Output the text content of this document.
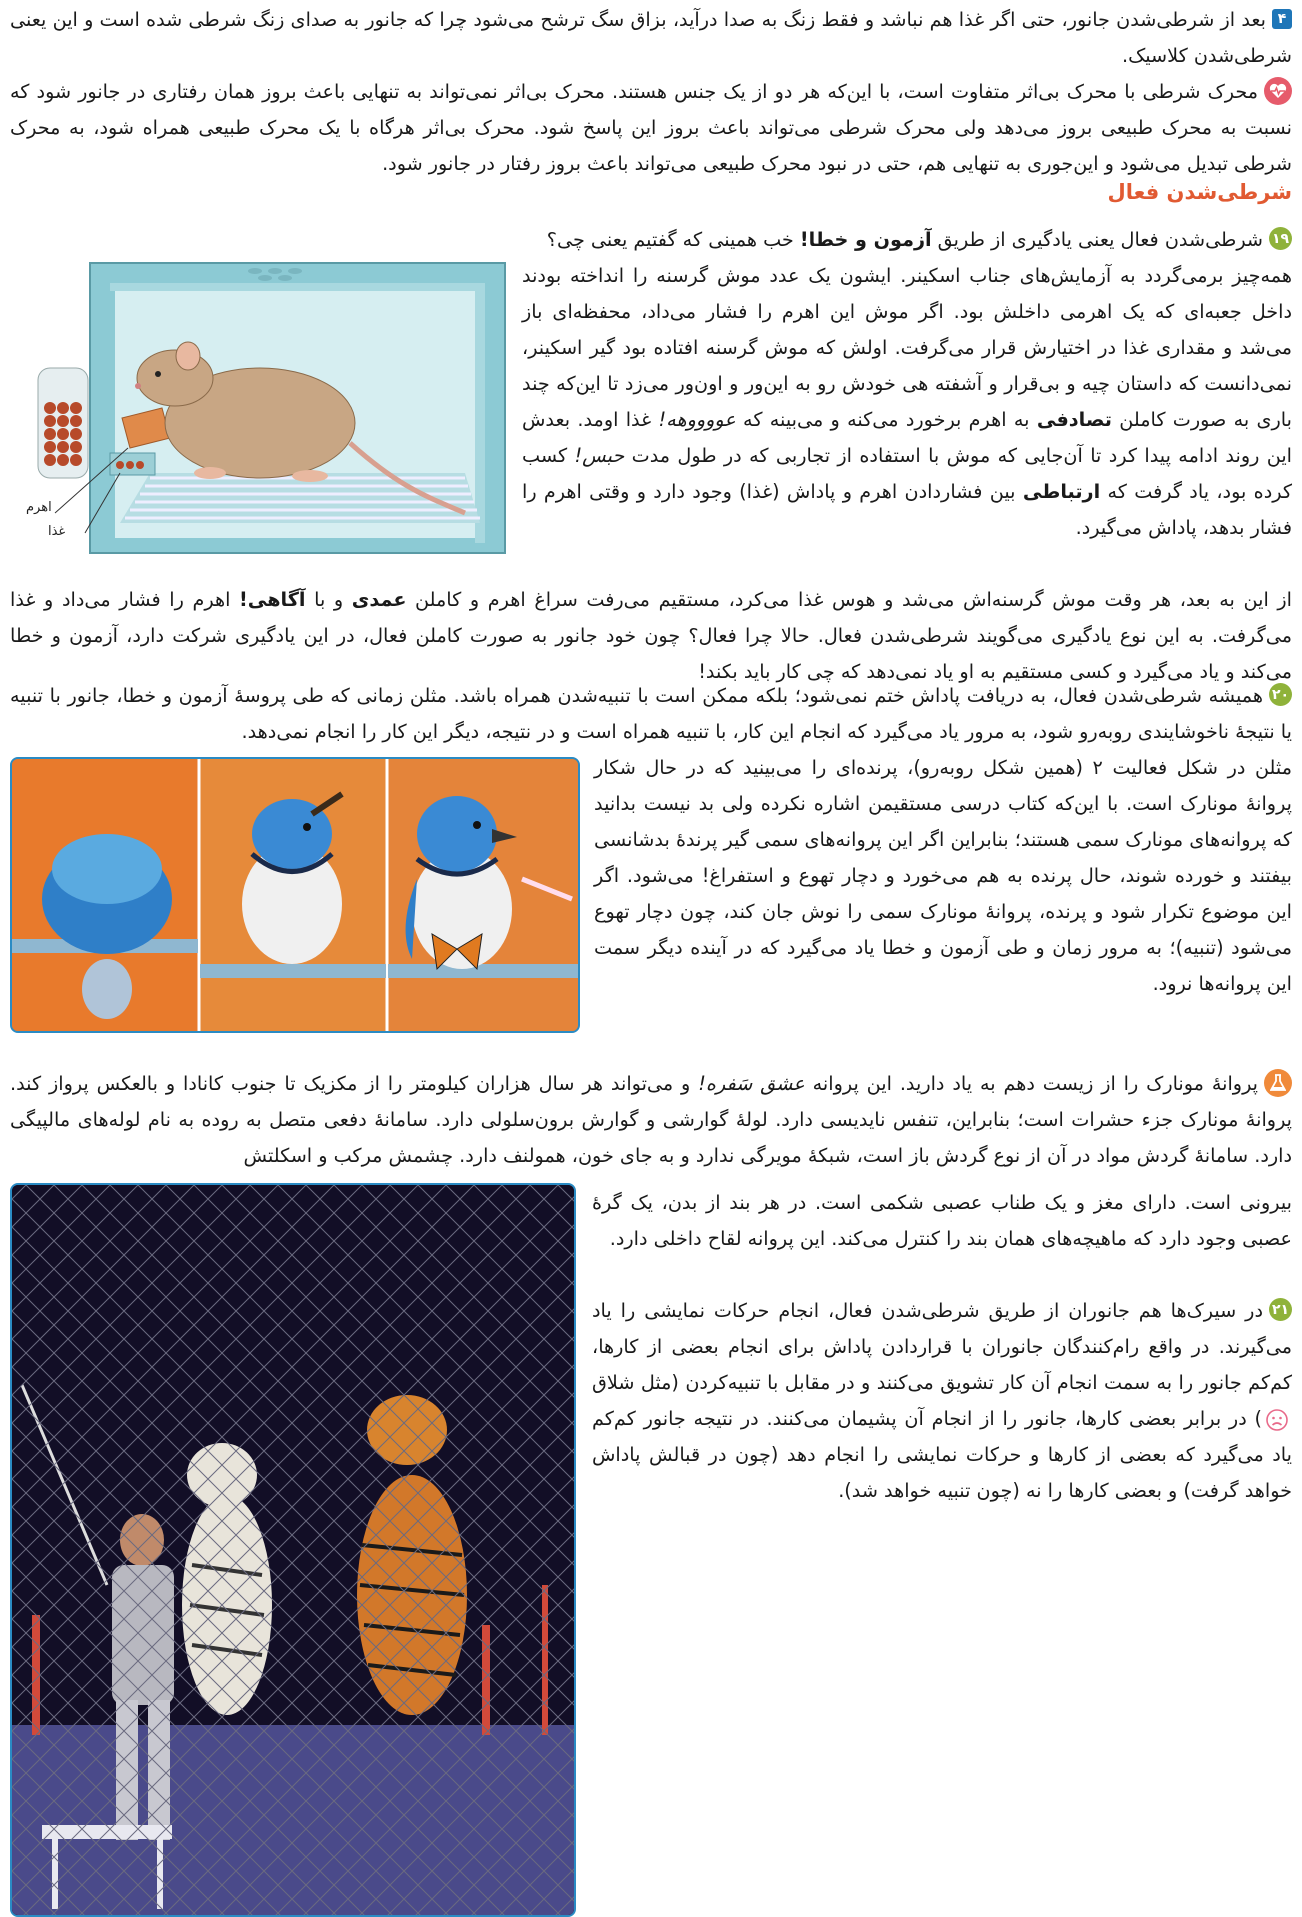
۴بعد از شرطی‌شدن جانور، حتی اگر غذا هم نباشد و فقط زنگ به صدا درآید، بزاق سگ ترشح می‌شود چرا که جانور به صدای زنگ شرطی شده است و این یعنی شرطی‌شدن کلاسیک.

محرک شرطی با محرک بی‌اثر متفاوت است، با این‌که هر دو از یک جنس هستند. محرک بی‌اثر نمی‌تواند به تنهایی باعث بروز همان رفتاری در جانور شود که نسبت به محرک طبیعی بروز می‌دهد ولی محرک شرطی می‌تواند باعث بروز این پاسخ شود. محرک بی‌اثر هرگاه با یک محرک طبیعی همراه شود، به محرک شرطی تبدیل می‌شود و این‌جوری به تنهایی هم، حتی در نبود محرک طبیعی می‌تواند باعث بروز رفتار در جانور شود.

شرطی‌شدن فعال

۱۹شرطی‌شدن فعال یعنی یادگیری از طریق آزمون و خطا! خب همینی که گفتیم یعنی چی؟

اهرم
غذا

همه‌چیز برمی‌گردد به آزمایش‌های جناب اسکینر. ایشون یک عدد موش گرسنه را انداخته بودند داخل جعبه‌ای که یک اهرمی داخلش بود. اگر موش این اهرم را فشار می‌داد، محفظه‌ای باز می‌شد و مقداری غذا در اختیارش قرار می‌گرفت. اولش که موش گرسنه افتاده بود گیر اسکینر، نمی‌دانست که داستان چیه و بی‌قرار و آشفته هی خودش رو به این‌ور و اون‌ور می‌زد تا این‌که چند باری به صورت کاملن تصادفی به اهرم برخورد می‌کنه و می‌بینه که عووووهه! غذا اومد. بعدش این روند ادامه پیدا کرد تا آن‌جایی که موش با استفاده از تجاربی که در طول مدت حبس! کسب کرده بود، یاد گرفت که ارتباطی بین فشاردادن اهرم و پاداش (غذا) وجود دارد و وقتی اهرم را فشار بدهد، پاداش می‌گیرد.

از این به بعد، هر وقت موش گرسنه‌اش می‌شد و هوس غذا می‌کرد، مستقیم می‌رفت سراغ اهرم و کاملن عمدی و با آگاهی! اهرم را فشار می‌داد و غذا می‌گرفت. به این نوع یادگیری می‌گویند شرطی‌شدن فعال. حالا چرا فعال؟ چون خود جانور به صورت کاملن فعال، در این یادگیری شرکت دارد، آزمون و خطا می‌کند و یاد می‌گیرد و کسی مستقیم به او یاد نمی‌دهد که چی کار باید بکند!

۲۰همیشه شرطی‌شدن فعال، به دریافت پاداش ختم نمی‌شود؛ بلکه ممکن است با تنبیه‌شدن همراه باشد. مثلن زمانی که طی پروسهٔ آزمون و خطا، جانور با تنبیه یا نتیجهٔ ناخوشایندی روبه‌رو شود، به مرور یاد می‌گیرد که انجام این کار، با تنبیه همراه است و در نتیجه، دیگر این کار را انجام نمی‌دهد.

مثلن در شکل فعالیت ۲ (همین شکل روبه‌رو)، پرنده‌ای را می‌بینید که در حال شکار پروانهٔ مونارک است. با این‌که کتاب درسی مستقیمن اشاره نکرده ولی بد نیست بدانید که پروانه‌های مونارک سمی هستند؛ بنابراین اگر این پروانه‌های سمی گیر پرندهٔ بدشانسی بیفتند و خورده شوند، حال پرنده به هم می‌خورد و دچار تهوع و استفراغ! می‌شود. اگر این موضوع تکرار شود و پرنده، پروانهٔ مونارک سمی را نوش جان کند، چون دچار تهوع می‌شود (تنبیه)؛ به مرور زمان و طی آزمون و خطا یاد می‌گیرد که در آینده دیگر سمت این پروانه‌ها نرود.

پروانهٔ مونارک را از زیست دهم به یاد دارید. این پروانه عشق سَفره! و می‌تواند هر سال هزاران کیلومتر را از مکزیک تا جنوب کانادا و بالعکس پرواز کند. پروانهٔ مونارک جزء حشرات است؛ بنابراین، تنفس نایدیسی دارد. لولهٔ گوارشی و گوارش برون‌سلولی دارد. سامانهٔ دفعی متصل به روده به نام لوله‌های مالپیگی دارد. سامانهٔ گردش مواد در آن از نوع گردش باز است، شبکهٔ مویرگی ندارد و به جای خون، همولنف دارد. چشمش مرکب و اسکلتش

بیرونی است. دارای مغز و یک طناب عصبی شکمی است. در هر بند از بدن، یک گرهٔ عصبی وجود دارد که ماهیچه‌های همان بند را کنترل می‌کند. این پروانه لقاح داخلی دارد.

۲۱در سیرک‌ها هم جانوران از طریق شرطی‌شدن فعال، انجام حرکات نمایشی را یاد می‌گیرند. در واقع رام‌کنندگان جانوران با قراردادن پاداش برای انجام بعضی از کارها، کم‌کم جانور را به سمت انجام آن کار تشویق می‌کنند و در مقابل با تنبیه‌کردن (مثل شلاق
) در برابر بعضی کارها، جانور را از انجام آن پشیمان می‌کنند. در نتیجه جانور کم‌کم یاد می‌گیرد که بعضی از کارها و حرکات نمایشی را انجام دهد (چون در قبالش پاداش خواهد گرفت) و بعضی کارها را نه (چون تنبیه خواهد شد).
